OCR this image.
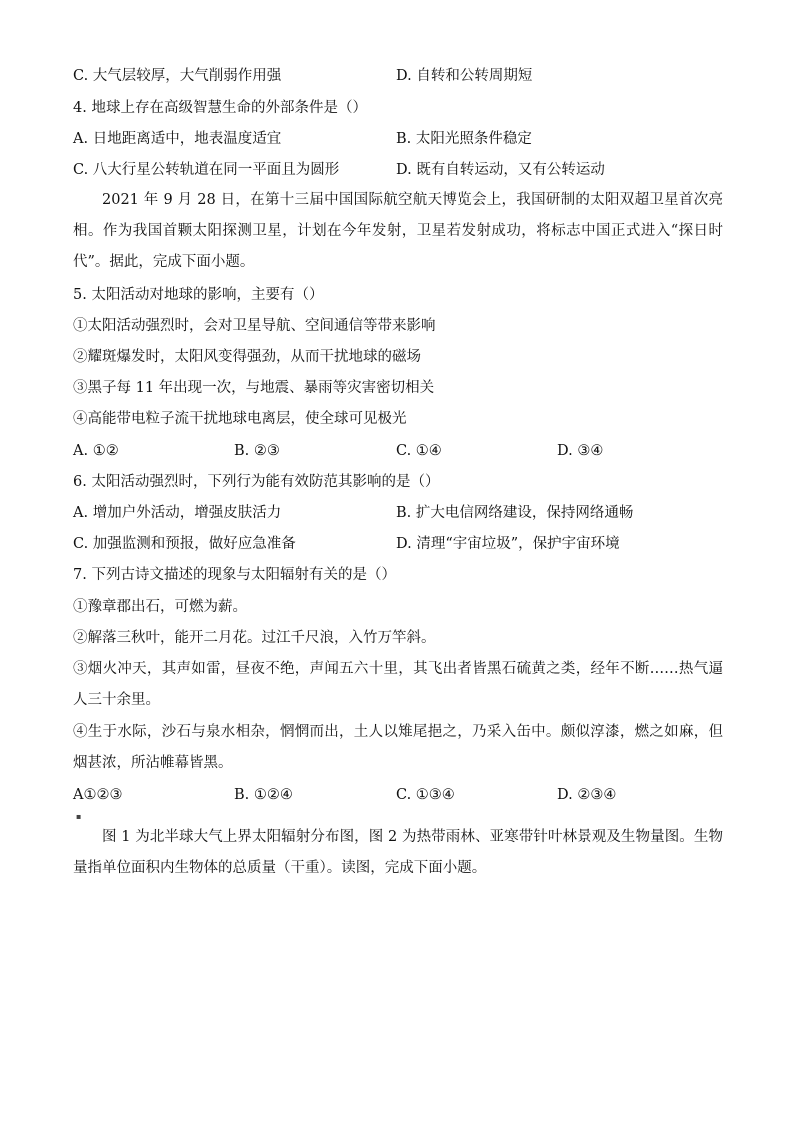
C. 大气层较厚，大气削弱作用强	D. 自转和公转周期短
4. 地球上存在高级智慧生命的外部条件是（）
A. 日地距离适中，地表温度适宜	B. 太阳光照条件稳定
C. 八大行星公转轨道在同一平面且为圆形	D. 既有自转运动，又有公转运动
2021 年 9 月 28 日，在第十三届中国国际航空航天博览会上，我国研制的太阳双超卫星首次亮相。作为我国首颗太阳探测卫星，计划在今年发射，卫星若发射成功，将标志中国正式进入“探日时代”。据此，完成下面小题。
5. 太阳活动对地球的影响，主要有（）
①太阳活动强烈时，会对卫星导航、空间通信等带来影响
②耀斑爆发时，太阳风变得强劲，从而干扰地球的磁场
③黑子每 11 年出现一次，与地震、暴雨等灾害密切相关
④高能带电粒子流干扰地球电离层，使全球可见极光
A. ①②	B. ②③	C. ①④	D. ③④
6. 太阳活动强烈时，下列行为能有效防范其影响的是（）
A. 增加户外活动，增强皮肤活力	B. 扩大电信网络建设，保持网络通畅
C. 加强监测和预报，做好应急准备	D. 清理“宇宙垃圾”，保护宇宙环境
7. 下列古诗文描述的现象与太阳辐射有关的是（）
①豫章郡出石，可燃为薪。
②解落三秋叶，能开二月花。过江千尺浪，入竹万竿斜。
③烟火冲天，其声如雷，昼夜不绝，声闻五六十里，其飞出者皆黑石硫黄之类，经年不断……热气逼人三十余里。
④生于水际，沙石与泉水相杂，惘惘而出，土人以雉尾挹之，乃采入缶中。颇似淳漆，燃之如麻，但烟甚浓，所沾帷幕皆黑。
A①②③	B. ①②④	C. ①③④	D. ②③④
▪
图 1 为北半球大气上界太阳辐射分布图，图 2 为热带雨林、亚寒带针叶林景观及生物量图。生物量指单位面积内生物体的总质量（干重）。读图，完成下面小题。
